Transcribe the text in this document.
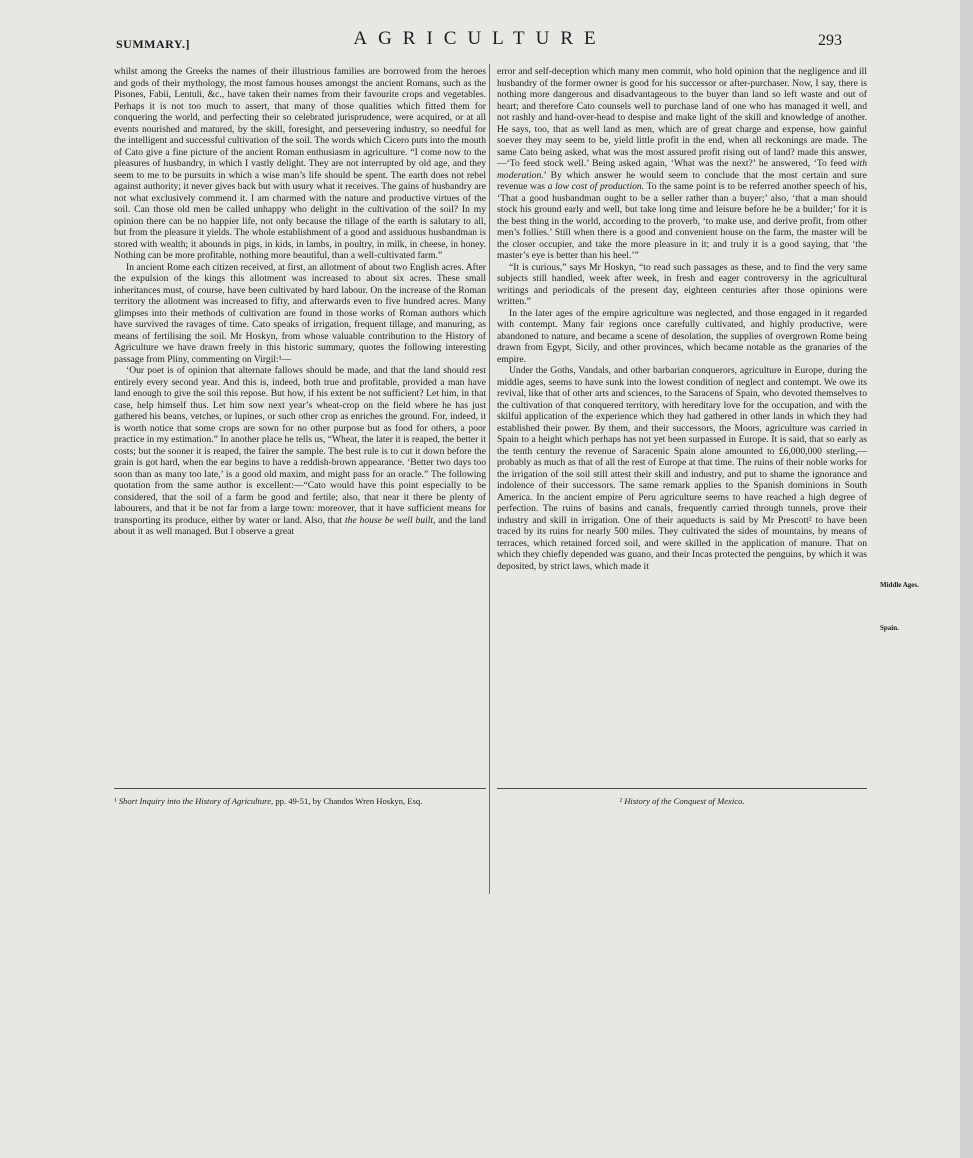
AGRICULTURE
SUMMARY.]	293

whilst among the Greeks the names of their illustrious families are borrowed from the heroes and gods of their mythology, the most famous houses amongst the ancient Romans, such as the Pisones, Fabii, Lentuli, &c., have taken their names from their favourite crops and vegetables. Perhaps it is not too much to assert, that many of those qualities which fitted them for conquering the world, and perfecting their so celebrated jurisprudence, were acquired, or at all events nourished and matured, by the skill, foresight, and persevering industry, so needful for the intelligent and successful cultivation of the soil. The words which Cicero puts into the mouth of Cato give a fine picture of the ancient Roman enthusiasm in agriculture. “I come now to the pleasures of husbandry, in which I vastly delight. They are not interrupted by old age, and they seem to me to be pursuits in which a wise man’s life should be spent. The earth does not rebel against authority; it never gives back but with usury what it receives. The gains of husbandry are not what exclusively commend it. I am charmed with the nature and productive virtues of the soil. Can those old men be called unhappy who delight in the cultivation of the soil? In my opinion there can be no happier life, not only because the tillage of the earth is salutary to all, but from the pleasure it yields. The whole establishment of a good and assiduous husbandman is stored with wealth; it abounds in pigs, in kids, in lambs, in poultry, in milk, in cheese, in honey. Nothing can be more profitable, nothing more beautiful, than a well-cultivated farm.”

In ancient Rome each citizen received, at first, an allotment of about two English acres. After the expulsion of the kings this allotment was increased to about six acres. These small inheritances must, of course, have been cultivated by hard labour. On the increase of the Roman territory the allotment was increased to fifty, and afterwards even to five hundred acres. Many glimpses into their methods of cultivation are found in those works of Roman authors which have survived the ravages of time. Cato speaks of irrigation, frequent tillage, and manuring, as means of fertilising the soil. Mr Hoskyn, from whose valuable contribution to the History of Agriculture we have drawn freely in this historic summary, quotes the following interesting passage from Pliny, commenting on Virgil:¹—

‘Our poet is of opinion that alternate fallows should be made, and that the land should rest entirely every second year. And this is, indeed, both true and profitable, provided a man have land enough to give the soil this repose. But how, if his extent be not sufficient? Let him, in that case, help himself thus. Let him sow next year’s wheat-crop on the field where he has just gathered his beans, vetches, or lupines, or such other crop as enriches the ground. For, indeed, it is worth notice that some crops are sown for no other purpose but as food for others, a poor practice in my estimation.” In another place he tells us, “Wheat, the later it is reaped, the better it costs; but the sooner it is reaped, the fairer the sample. The best rule is to cut it down before the grain is got hard, when the ear begins to have a reddish-brown appearance. ‘Better two days too soon than as many too late,’ is a good old maxim, and might pass for an oracle.” The following quotation from the same author is excellent:—“Cato would have this point especially to be considered, that the soil of a farm be good and fertile; also, that near it there be plenty of labourers, and that it be not far from a large town: moreover, that it have sufficient means for transporting its produce, either by water or land. Also, that the house be well built, and the land about it as well managed. But I observe a great

error and self-deception which many men commit, who hold opinion that the negligence and ill husbandry of the former owner is good for his successor or after-purchaser. Now, I say, there is nothing more dangerous and disadvantageous to the buyer than land so left waste and out of heart; and therefore Cato counsels well to purchase land of one who has managed it well, and not rashly and hand-over-head to despise and make light of the skill and knowledge of another. He says, too, that as well land as men, which are of great charge and expense, how gainful soever they may seem to be, yield little profit in the end, when all reckonings are made. The same Cato being asked, what was the most assured profit rising out of land? made this answer,—‘To feed stock well.’ Being asked again, ‘What was the next?’ he answered, ‘To feed with moderation.’ By which answer he would seem to conclude that the most certain and sure revenue was a low cost of production. To the same point is to be referred another speech of his, ‘That a good husbandman ought to be a seller rather than a buyer;’ also, ‘that a man should stock his ground early and well, but take long time and leisure before he be a builder;’ for it is the best thing in the world, according to the proverb, ‘to make use, and derive profit, from other men’s follies.’ Still when there is a good and convenient house on the farm, the master will be the closer occupier, and take the more pleasure in it; and truly it is a good saying, that ‘the master’s eye is better than his heel.’”

“It is curious,” says Mr Hoskyn, “to read such passages as these, and to find the very same subjects still handled, week after week, in fresh and eager controversy in the agricultural writings and periodicals of the present day, eighteen centuries after those opinions were written.”

In the later ages of the empire agriculture was neglected, and those engaged in it regarded with contempt. Many fair regions once carefully cultivated, and highly productive, were abandoned to nature, and became a scene of desolation, the supplies of overgrown Rome being drawn from Egypt, Sicily, and other provinces, which became notable as the granaries of the empire.

Under the Goths, Vandals, and other barbarian conquerors, agriculture in Europe, during the middle ages, seems to have sunk into the lowest condition of neglect and contempt. We owe its revival, like that of other arts and sciences, to the Saracens of Spain, who devoted themselves to the cultivation of that conquered territory, with hereditary love for the occupation, and with the skilful application of the experience which they had gathered in other lands in which they had established their power. By them, and their successors, the Moors, agriculture was carried in Spain to a height which perhaps has not yet been surpassed in Europe. It is said, that so early as the tenth century the revenue of Saracenic Spain alone amounted to £6,000,000 sterling,—probably as much as that of all the rest of Europe at that time. The ruins of their noble works for the irrigation of the soil still attest their skill and industry, and put to shame the ignorance and indolence of their successors. The same remark applies to the Spanish dominions in South America. In the ancient empire of Peru agriculture seems to have reached a high degree of perfection. The ruins of basins and canals, frequently carried through tunnels, prove their industry and skill in irrigation. One of their aqueducts is said by Mr Prescott² to have been traced by its ruins for nearly 500 miles. They cultivated the sides of mountains, by means of terraces, which retained forced soil, and were skilled in the application of manure. That on which they chiefly depended was guano, and their Incas protected the penguins, by which it was deposited, by strict laws, which made it

Middle Ages.
Spain.
¹ Short Inquiry into the History of Agriculture, pp. 49-51, by Chandos Wren Hoskyn, Esq.	² History of the Conquest of Mexico.
